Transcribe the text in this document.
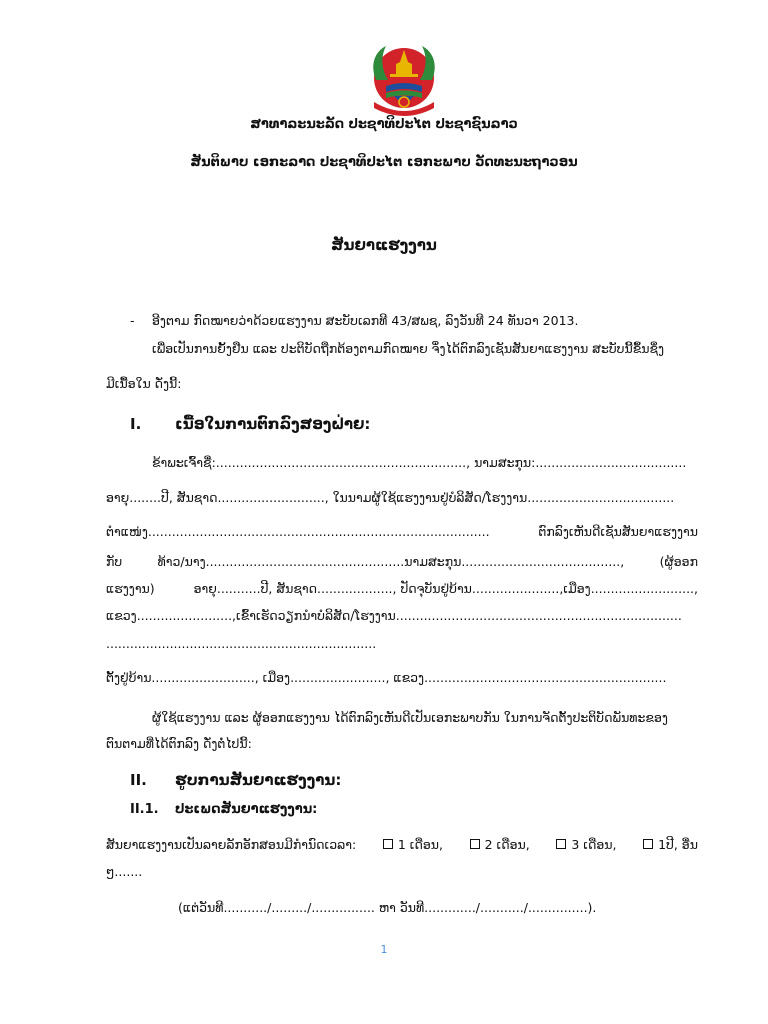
ສາທາລະນະລັດ ປະຊາທິປະໄຕ ປະຊາຊົນລາວ
ສັນຕິພາບ ເອກະລາດ ປະຊາທິປະໄຕ ເອກະພາບ ວັດທະນະຖາວອນ
ສັນຍາແຮງງານ
- ອີງຕາມ ກົດໝາຍວ່າດ້ວຍແຮງງານ ສະບັບເລກທີ 43/ສພຊ, ລົງວັນທີ 24 ທັນວາ 2013.
ເພື່ອເປັນການຍັ້ງຢືນ ແລະ ປະຕິບັດຖືກຕ້ອງຕາມກົດໝາຍ ຈຶ່ງໄດ້ຕົກລົງເຊັນສັນຍາແຮງງານ ສະບັບນີ້ຂຶ້ນຊຶ່ງ
ມີເນື້ອໃນ ດັ່ງນີ້:
I. ເນື້ອໃນການຕົກລົງສອງຝ່າຍ:
ຂ້າພະເຈົ້າຊື່:..............................................................., ນາມສະກຸນ:......................................
ອາຍຸ........ປີ, ສັນຊາດ..........................., ໃນນາມຜູ້ໃຊ້ແຮງງານຢູ່ບໍລິສັດ/ໂຮງງານ.....................................
ຕໍາແໜ່ງ......................................................................................	ຕົກລົງເຫັນດີເຊັນສັນຍາແຮງງານ
ກັບ	ທ້າວ/ນາງ..................................................ນາມສະກຸນ........................................,	(ຜູ້ອອກ
ແຮງງານ)	ອາຍຸ...........ປີ, ສັນຊາດ..................., ປັດຈຸບັນຢູ່ບ້ານ......................,ເມືອງ..........................,
ແຂວງ........................,ເຂົ້າເຮັດວຽກນໍາບໍລິສັດ/ໂຮງງານ........................................................................
....................................................................
ຕັ້ງຢູ່ບ້ານ.........................., ເມືອງ........................, ແຂວງ.............................................................
ຜູ້ໃຊ້ແຮງງານ ແລະ ຜູ້ອອກແຮງງານ ໄດ້ຕົກລົງເຫັນດີເປັນເອກະພາບກັນ ໃນການຈັດຕັ້ງປະຕິບັດພັນທະຂອງ
ຕົນຕາມທີ່ໄດ້ຕົກລົງ ດັ່ງຕໍ່ໄປນີ້:
II. ຮູບການສັນຍາແຮງງານ:
II.1. ປະເພດສັນຍາແຮງງານ:
ສັນຍາແຮງງານເປັນລາຍລັກອັກສອນມີກໍານົດເວລາ:	1 ເດືອນ,	2 ເດືອນ,	3 ເດືອນ,	1ປີ, ອື່ນ
ໆ.......
(ແຕ່ວັນທີ.........../........./................ ຫາ ວັນທີ............./.........../...............).
1
